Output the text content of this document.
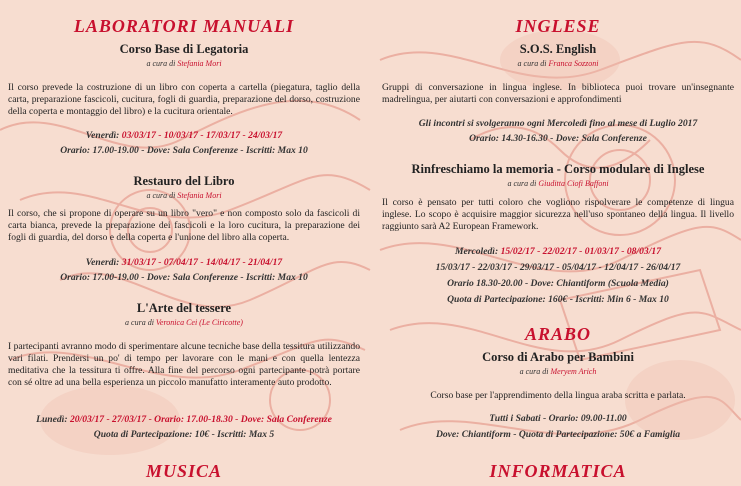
LABORATORI MANUALI
Corso Base di Legatoria
a cura di Stefania Mori
Il corso prevede la costruzione di un libro con coperta a cartella (piegatura, taglio della carta, preparazione fascicoli, cucitura, fogli di guardia, preparazione del dorso, costruzione della coperta e montaggio del libro) e la cucitura orientale.
Venerdì: 03/03/17 - 10/03/17 - 17/03/17 - 24/03/17
Orario: 17.00-19.00 - Dove: Sala Conferenze - Iscritti: Max 10
Restauro del Libro
a cura di Stefania Mori
Il corso, che si propone di operare su un libro "vero" e non composto solo da fascicoli di carta bianca, prevede la preparazione dei fascicoli e la loro cucitura, la preparazione dei fogli di guardia, del dorso e della coperta e l'unione del libro alla coperta.
Venerdì: 31/03/17 - 07/04/17 - 14/04/17 - 21/04/17
Orario: 17.00-19.00 - Dove: Sala Conferenze - Iscritti: Max 10
L'Arte del tessere
a cura di Veronica Cei (Le Ciricotte)
I partecipanti avranno modo di sperimentare alcune tecniche base della tessitura utilizzando vari filati. Prendersi un po' di tempo per lavorare con le mani e con quella lentezza meditativa che la tessitura ti offre. Alla fine del percorso ogni partecipante potrà portare con sé oltre ad una bella esperienza un piccolo manufatto interamente auto prodotto.
Lunedì: 20/03/17 - 27/03/17 - Orario: 17.00-18.30 - Dove: Sala Conferenze
Quota di Partecipazione: 10€ - Iscritti: Max 5
MUSICA
INGLESE
S.O.S. English
a cura di Franca Sozzoni
Gruppi di conversazione in lingua inglese. In biblioteca puoi trovare un'insegnante madrelingua, per aiutarti con conversazioni e approfondimenti
Gli incontri si svolgeranno ogni Mercoledì fino al mese di Luglio 2017
Orario: 14.30-16.30 - Dove: Sala Conferenze
Rinfreschiamo la memoria - Corso modulare di Inglese
a cura di Giuditta Ciofi Baffoni
Il corso è pensato per tutti coloro che vogliono rispolverare le competenze di lingua inglese. Lo scopo è acquisire maggior sicurezza nell'uso spontaneo della lingua. Il livello raggiunto sarà A2 European Framework.
Mercoledì: 15/02/17 - 22/02/17 - 01/03/17 - 08/03/17
15/03/17 - 22/03/17 - 29/03/17 - 05/04/17 - 12/04/17 - 26/04/17
Orario 18.30-20.00 - Dove: Chiantiform (Scuola Media)
Quota di Partecipazione: 160€ - Iscritti: Min 6 - Max 10
ARABO
Corso di Arabo per Bambini
a cura di Meryem Arich
Corso base per l'apprendimento della lingua araba scritta e parlata.
Tutti i Sabati - Orario: 09.00-11.00
Dove: Chiantiform - Quota di Partecipazione: 50€ a Famiglia
INFORMATICA
